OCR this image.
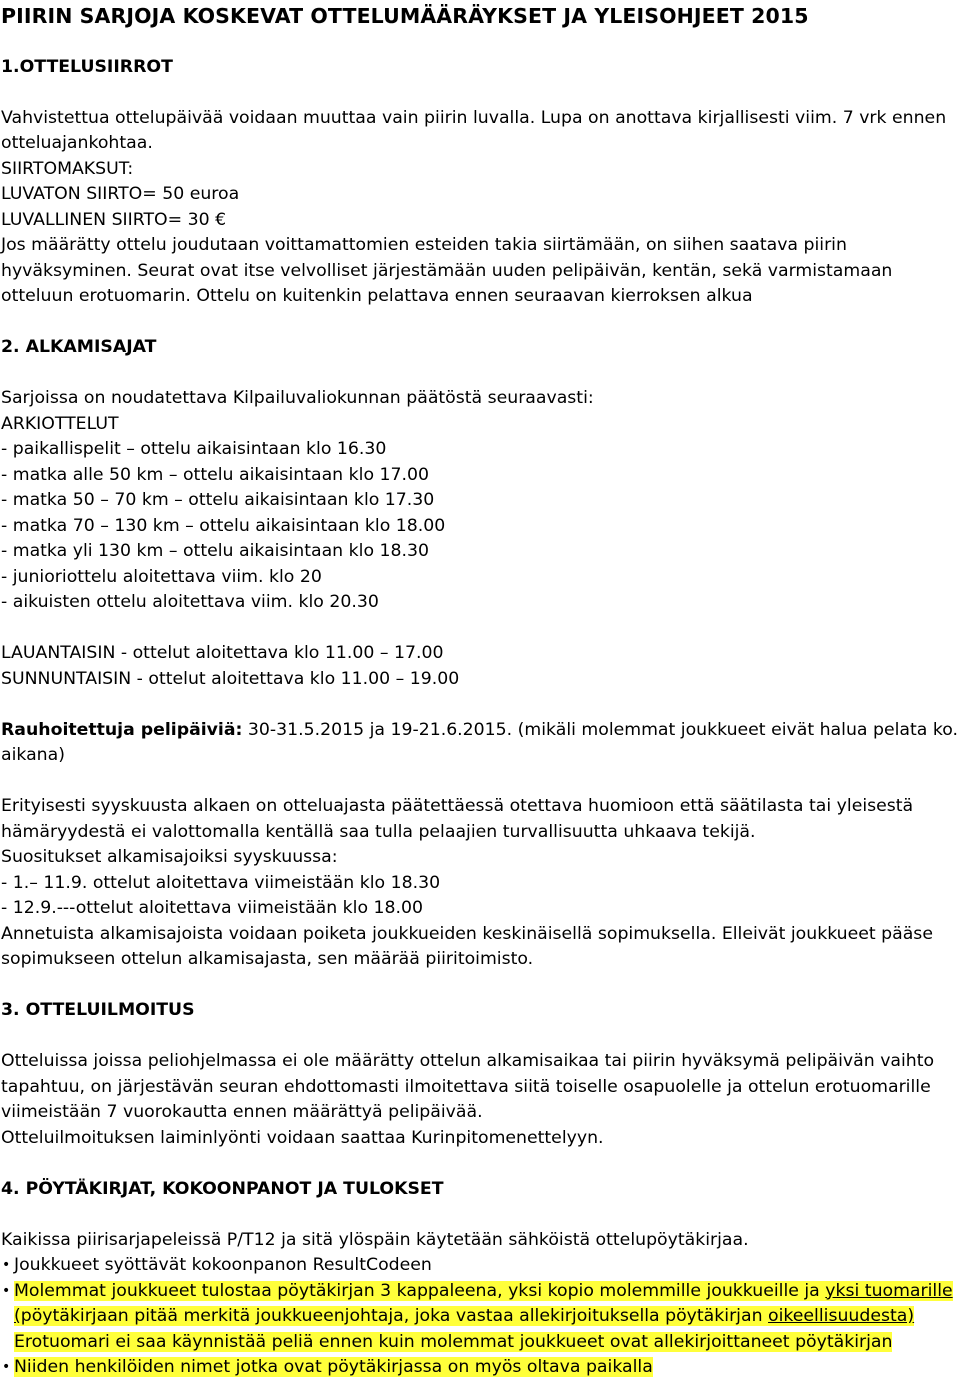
PIIRIN SARJOJA KOSKEVAT OTTELUMÄÄRÄYKSET JA YLEISOHJEET 2015

1.OTTELUSIIRROT

Vahvistettua ottelupäivää voidaan muuttaa vain piirin luvalla. Lupa on anottava kirjallisesti viim. 7 vrk ennen otteluajankohtaa.

SIIRTOMAKSUT:

LUVATON SIIRTO= 50 euroa

LUVALLINEN SIIRTO= 30 €

Jos määrätty ottelu joudutaan voittamattomien esteiden takia siirtämään, on siihen saatava piirin hyväksyminen. Seurat ovat itse velvolliset järjestämään uuden pelipäivän, kentän, sekä varmistamaan otteluun erotuomarin. Ottelu on kuitenkin pelattava ennen seuraavan kierroksen alkua

2. ALKAMISAJAT

Sarjoissa on noudatettava Kilpailuvaliokunnan päätöstä seuraavasti:

ARKIOTTELUT

- paikallispelit – ottelu aikaisintaan klo 16.30

- matka alle 50 km – ottelu aikaisintaan klo 17.00

- matka 50 – 70 km – ottelu aikaisintaan klo 17.30

- matka 70 – 130 km – ottelu aikaisintaan klo 18.00

- matka yli 130 km – ottelu aikaisintaan klo 18.30

- junioriottelu aloitettava viim. klo 20

- aikuisten ottelu aloitettava viim. klo 20.30

LAUANTAISIN - ottelut aloitettava klo 11.00 – 17.00

SUNNUNTAISIN - ottelut aloitettava klo 11.00 – 19.00

Rauhoitettuja pelipäiviä: 30-31.5.2015 ja 19-21.6.2015. (mikäli molemmat joukkueet eivät halua pelata ko. aikana)

Erityisesti syyskuusta alkaen on otteluajasta päätettäessä otettava huomioon että säätilasta tai yleisestä hämäryydestä ei valottomalla kentällä saa tulla pelaajien turvallisuutta uhkaava tekijä.

Suositukset alkamisajoiksi syyskuussa:

- 1.– 11.9. ottelut aloitettava viimeistään klo 18.30

- 12.9.---ottelut aloitettava viimeistään klo 18.00

Annetuista alkamisajoista voidaan poiketa joukkueiden keskinäisellä sopimuksella. Elleivät joukkueet pääse sopimukseen ottelun alkamisajasta, sen määrää piiritoimisto.

3. OTTELUILMOITUS

Otteluissa joissa peliohjelmassa ei ole määrätty ottelun alkamisaikaa tai piirin hyväksymä pelipäivän vaihto tapahtuu, on järjestävän seuran ehdottomasti ilmoitettava siitä toiselle osapuolelle ja ottelun erotuomarille viimeistään 7 vuorokautta ennen määrättyä pelipäivää.

Otteluilmoituksen laiminlyönti voidaan saattaa Kurinpitomenettelyyn.

4. PÖYTÄKIRJAT, KOKOONPANOT JA TULOKSET

Kaikissa piirisarjapeleissä P/T12 ja sitä ylöspäin käytetään sähköistä ottelupöytäkirjaa.

• Joukkueet syöttävät kokoonpanon ResultCodeen
• Molemmat joukkueet tulostaa pöytäkirjan 3 kappaleena, yksi kopio molemmille joukkueille ja yksi tuomarille (pöytäkirjaan pitää merkitä joukkueenjohtaja, joka vastaa allekirjoituksella pöytäkirjan oikeellisuudesta) Erotuomari ei saa käynnistää peliä ennen kuin molemmat joukkueet ovat allekirjoittaneet pöytäkirjan
• Niiden henkilöiden nimet jotka ovat pöytäkirjassa on myös oltava paikalla
